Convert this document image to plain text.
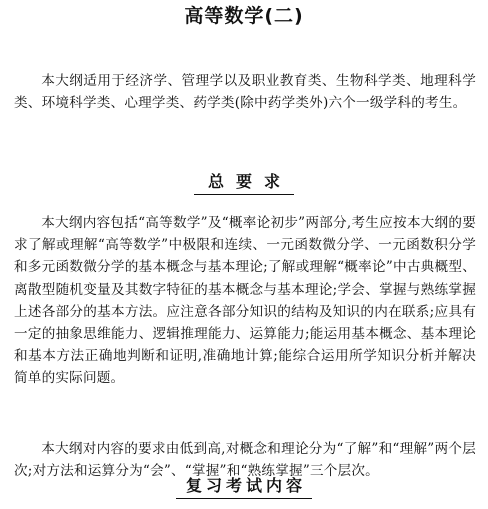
高等数学(二)
本大纲适用于经济学、管理学以及职业教育类、生物科学类、地理科学类、环境科学类、心理学类、药学类(除中药学类外)六个一级学科的考生。
总要求
本大纲内容包括“高等数学”及“概率论初步”两部分,考生应按本大纲的要求了解或理解“高等数学”中极限和连续、一元函数微分学、一元函数积分学和多元函数微分学的基本概念与基本理论;了解或理解“概率论”中古典概型、离散型随机变量及其数字特征的基本概念与基本理论;学会、掌握与熟练掌握上述各部分的基本方法。应注意各部分知识的结构及知识的内在联系;应具有一定的抽象思维能力、逻辑推理能力、运算能力;能运用基本概念、基本理论和基本方法正确地判断和证明,准确地计算;能综合运用所学知识分析并解决简单的实际问题。
本大纲对内容的要求由低到高,对概念和理论分为“了解”和“理解”两个层次;对方法和运算分为“会”、“掌握”和“熟练掌握”三个层次。
复习考试内容
